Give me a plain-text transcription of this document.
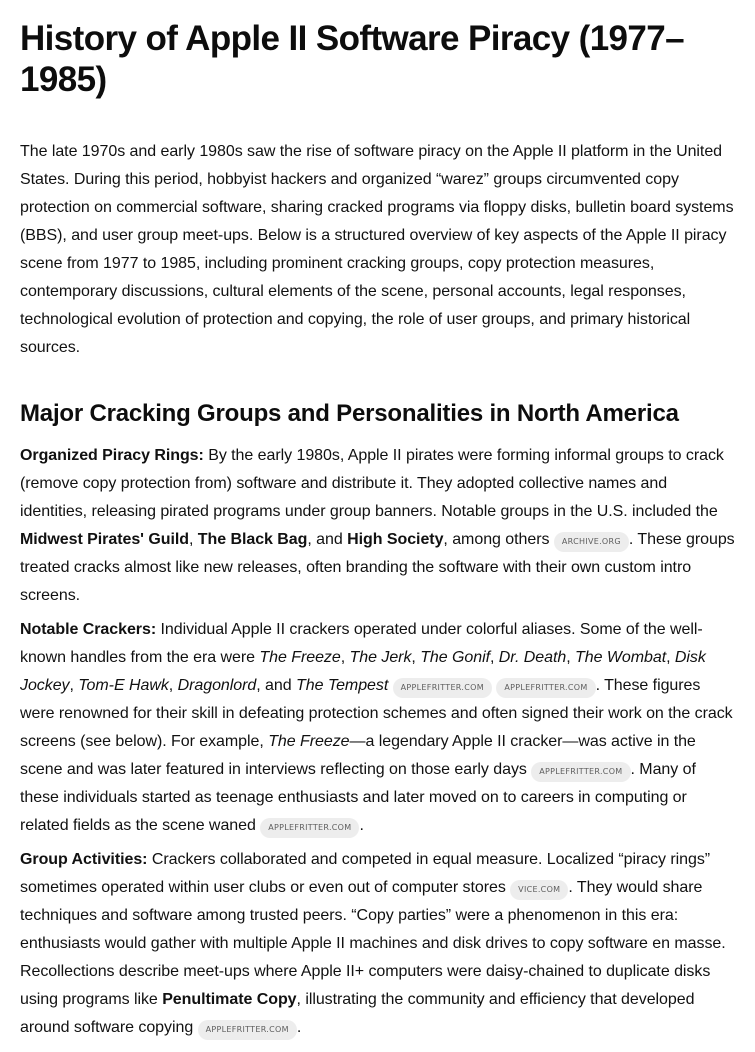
History of Apple II Software Piracy (1977–1985)

The late 1970s and early 1980s saw the rise of software piracy on the Apple II platform in the United States. During this period, hobbyist hackers and organized “warez” groups circumvented copy protection on commercial software, sharing cracked programs via floppy disks, bulletin board systems (BBS), and user group meet-ups. Below is a structured overview of key aspects of the Apple II piracy scene from 1977 to 1985, including prominent cracking groups, copy protection measures, contemporary discussions, cultural elements of the scene, personal accounts, legal responses, technological evolution of protection and copying, the role of user groups, and primary historical sources.

Major Cracking Groups and Personalities in North America

Organized Piracy Rings: By the early 1980s, Apple II pirates were forming informal groups to crack (remove copy protection from) software and distribute it. They adopted collective names and identities, releasing pirated programs under group banners. Notable groups in the U.S. included the Midwest Pirates' Guild, The Black Bag, and High Society, among others ARCHIVE.ORG . These groups treated cracks almost like new releases, often branding the software with their own custom intro screens.

Notable Crackers: Individual Apple II crackers operated under colorful aliases. Some of the well-known handles from the era were The Freeze, The Jerk, The Gonif, Dr. Death, The Wombat, Disk Jockey, Tom-E Hawk, Dragonlord, and The Tempest APPLEFRITTER.COM	APPLEFRITTER.COM . These figures were renowned for their skill in defeating protection schemes and often signed their work on the crack screens (see below). For example, The Freeze—a legendary Apple II cracker—was active in the scene and was later featured in interviews reflecting on those early days APPLEFRITTER.COM . Many of these individuals started as teenage enthusiasts and later moved on to careers in computing or related fields as the scene waned APPLEFRITTER.COM .

Group Activities: Crackers collaborated and competed in equal measure. Localized “piracy rings” sometimes operated within user clubs or even out of computer stores VICE.COM . They would share techniques and software among trusted peers. “Copy parties” were a phenomenon in this era: enthusiasts would gather with multiple Apple II machines and disk drives to copy software en masse. Recollections describe meet-ups where Apple II+ computers were daisy-chained to duplicate disks using programs like Penultimate Copy, illustrating the community and efficiency that developed around software copying APPLEFRITTER.COM .
